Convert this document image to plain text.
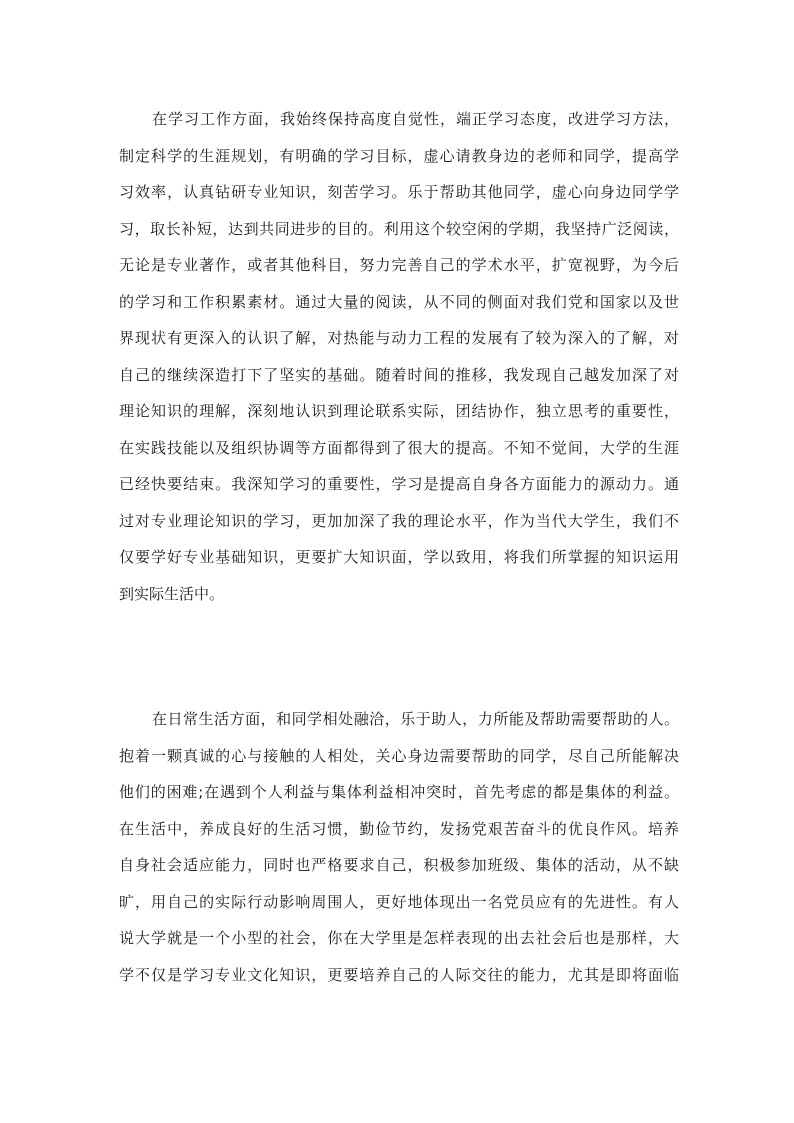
在学习工作方面，我始终保持高度自觉性，端正学习态度，改进学习方法，
制定科学的生涯规划，有明确的学习目标，虚心请教身边的老师和同学，提高学
习效率，认真钻研专业知识，刻苦学习。乐于帮助其他同学，虚心向身边同学学
习，取长补短，达到共同进步的目的。利用这个较空闲的学期，我坚持广泛阅读，
无论是专业著作，或者其他科目，努力完善自己的学术水平，扩宽视野，为今后
的学习和工作积累素材。通过大量的阅读，从不同的侧面对我们党和国家以及世
界现状有更深入的认识了解，对热能与动力工程的发展有了较为深入的了解，对
自己的继续深造打下了坚实的基础。随着时间的推移，我发现自己越发加深了对
理论知识的理解，深刻地认识到理论联系实际，团结协作，独立思考的重要性，
在实践技能以及组织协调等方面都得到了很大的提高。不知不觉间，大学的生涯
已经快要结束。我深知学习的重要性，学习是提高自身各方面能力的源动力。通
过对专业理论知识的学习，更加加深了我的理论水平，作为当代大学生，我们不
仅要学好专业基础知识，更要扩大知识面，学以致用，将我们所掌握的知识运用
到实际生活中。
在日常生活方面，和同学相处融洽，乐于助人，力所能及帮助需要帮助的人。
抱着一颗真诚的心与接触的人相处，关心身边需要帮助的同学，尽自己所能解决
他们的困难;在遇到个人利益与集体利益相冲突时，首先考虑的都是集体的利益。
在生活中，养成良好的生活习惯，勤俭节约，发扬党艰苦奋斗的优良作风。培养
自身社会适应能力，同时也严格要求自己，积极参加班级、集体的活动，从不缺
旷，用自己的实际行动影响周围人，更好地体现出一名党员应有的先进性。有人
说大学就是一个小型的社会，你在大学里是怎样表现的出去社会后也是那样，大
学不仅是学习专业文化知识，更要培养自己的人际交往的能力，尤其是即将面临
